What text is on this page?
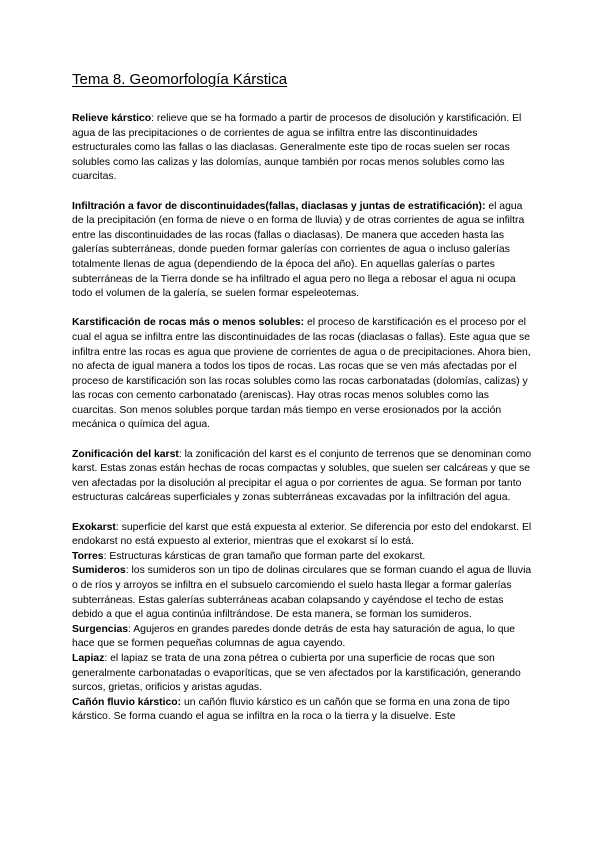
Tema 8. Geomorfología Kárstica

Relieve kárstico: relieve que se ha formado a partir de procesos de disolución y karstificación. El agua de las precipitaciones o de corrientes de agua se infiltra entre las discontinuidades estructurales como las fallas o las diaclasas. Generalmente este tipo de rocas suelen ser rocas solubles como las calizas y las dolomías, aunque también por rocas menos solubles como las cuarcitas.

Infiltración a favor de discontinuidades(fallas, diaclasas y juntas de estratificación): el agua de la precipitación (en forma de nieve o en forma de lluvia) y de otras corrientes de agua se infiltra entre las discontinuidades de las rocas (fallas o diaclasas). De manera que acceden hasta las galerías subterráneas, donde pueden formar galerías con corrientes de agua o incluso galerías totalmente llenas de agua (dependiendo de la época del año). En aquellas galerías o partes subterráneas de la Tierra donde se ha infiltrado el agua pero no llega a rebosar el agua ni ocupa todo el volumen de la galería, se suelen formar espeleotemas.

Karstificación de rocas más o menos solubles: el proceso de karstificación es el proceso por el cual el agua se infiltra entre las discontinuidades de las rocas (diaclasas o fallas). Este agua que se infiltra entre las rocas es agua que proviene de corrientes de agua o de precipitaciones. Ahora bien, no afecta de igual manera a todos los tipos de rocas. Las rocas que se ven más afectadas por el proceso de karstificación son las rocas solubles como las rocas carbonatadas (dolomías, calizas) y las rocas con cemento carbonatado (areniscas). Hay otras rocas menos solubles como las cuarcitas. Son menos solubles porque tardan más tiempo en verse erosionados por la acción mecánica o química del agua.

Zonificación del karst: la zonificación del karst es el conjunto de terrenos que se denominan como karst. Estas zonas están hechas de rocas compactas y solubles, que suelen ser calcáreas y que se ven afectadas por la disolución al precipitar el agua o por corrientes de agua. Se forman por tanto estructuras calcáreas superficiales y zonas subterráneas excavadas por la infiltración del agua.

Exokarst: superficie del karst que está expuesta al exterior. Se diferencia por esto del endokarst. El endokarst no está expuesto al exterior, mientras que el exokarst sí lo está.

Torres: Estructuras kársticas de gran tamaño que forman parte del exokarst.

Sumideros: los sumideros son un tipo de dolinas circulares que se forman cuando el agua de lluvia o de ríos y arroyos se infiltra en el subsuelo carcomiendo el suelo hasta llegar a formar galerías subterráneas. Estas galerías subterráneas acaban colapsando y cayéndose el techo de estas debido a que el agua continúa infiltrándose. De esta manera, se forman los sumideros.

Surgencias: Agujeros en grandes paredes donde detrás de esta hay saturación de agua, lo que hace que se formen pequeñas columnas de agua cayendo.

Lapiaz: el lapiaz se trata de una zona pétrea o cubierta por una superficie de rocas que son generalmente carbonatadas o evaporíticas, que se ven afectados por la karstificación, generando surcos, grietas, orificios y aristas agudas.

Cañón fluvio kárstico: un cañón fluvio kárstico es un cañón que se forma en una zona de tipo kárstico. Se forma cuando el agua se infiltra en la roca o la tierra y la disuelve. Este
